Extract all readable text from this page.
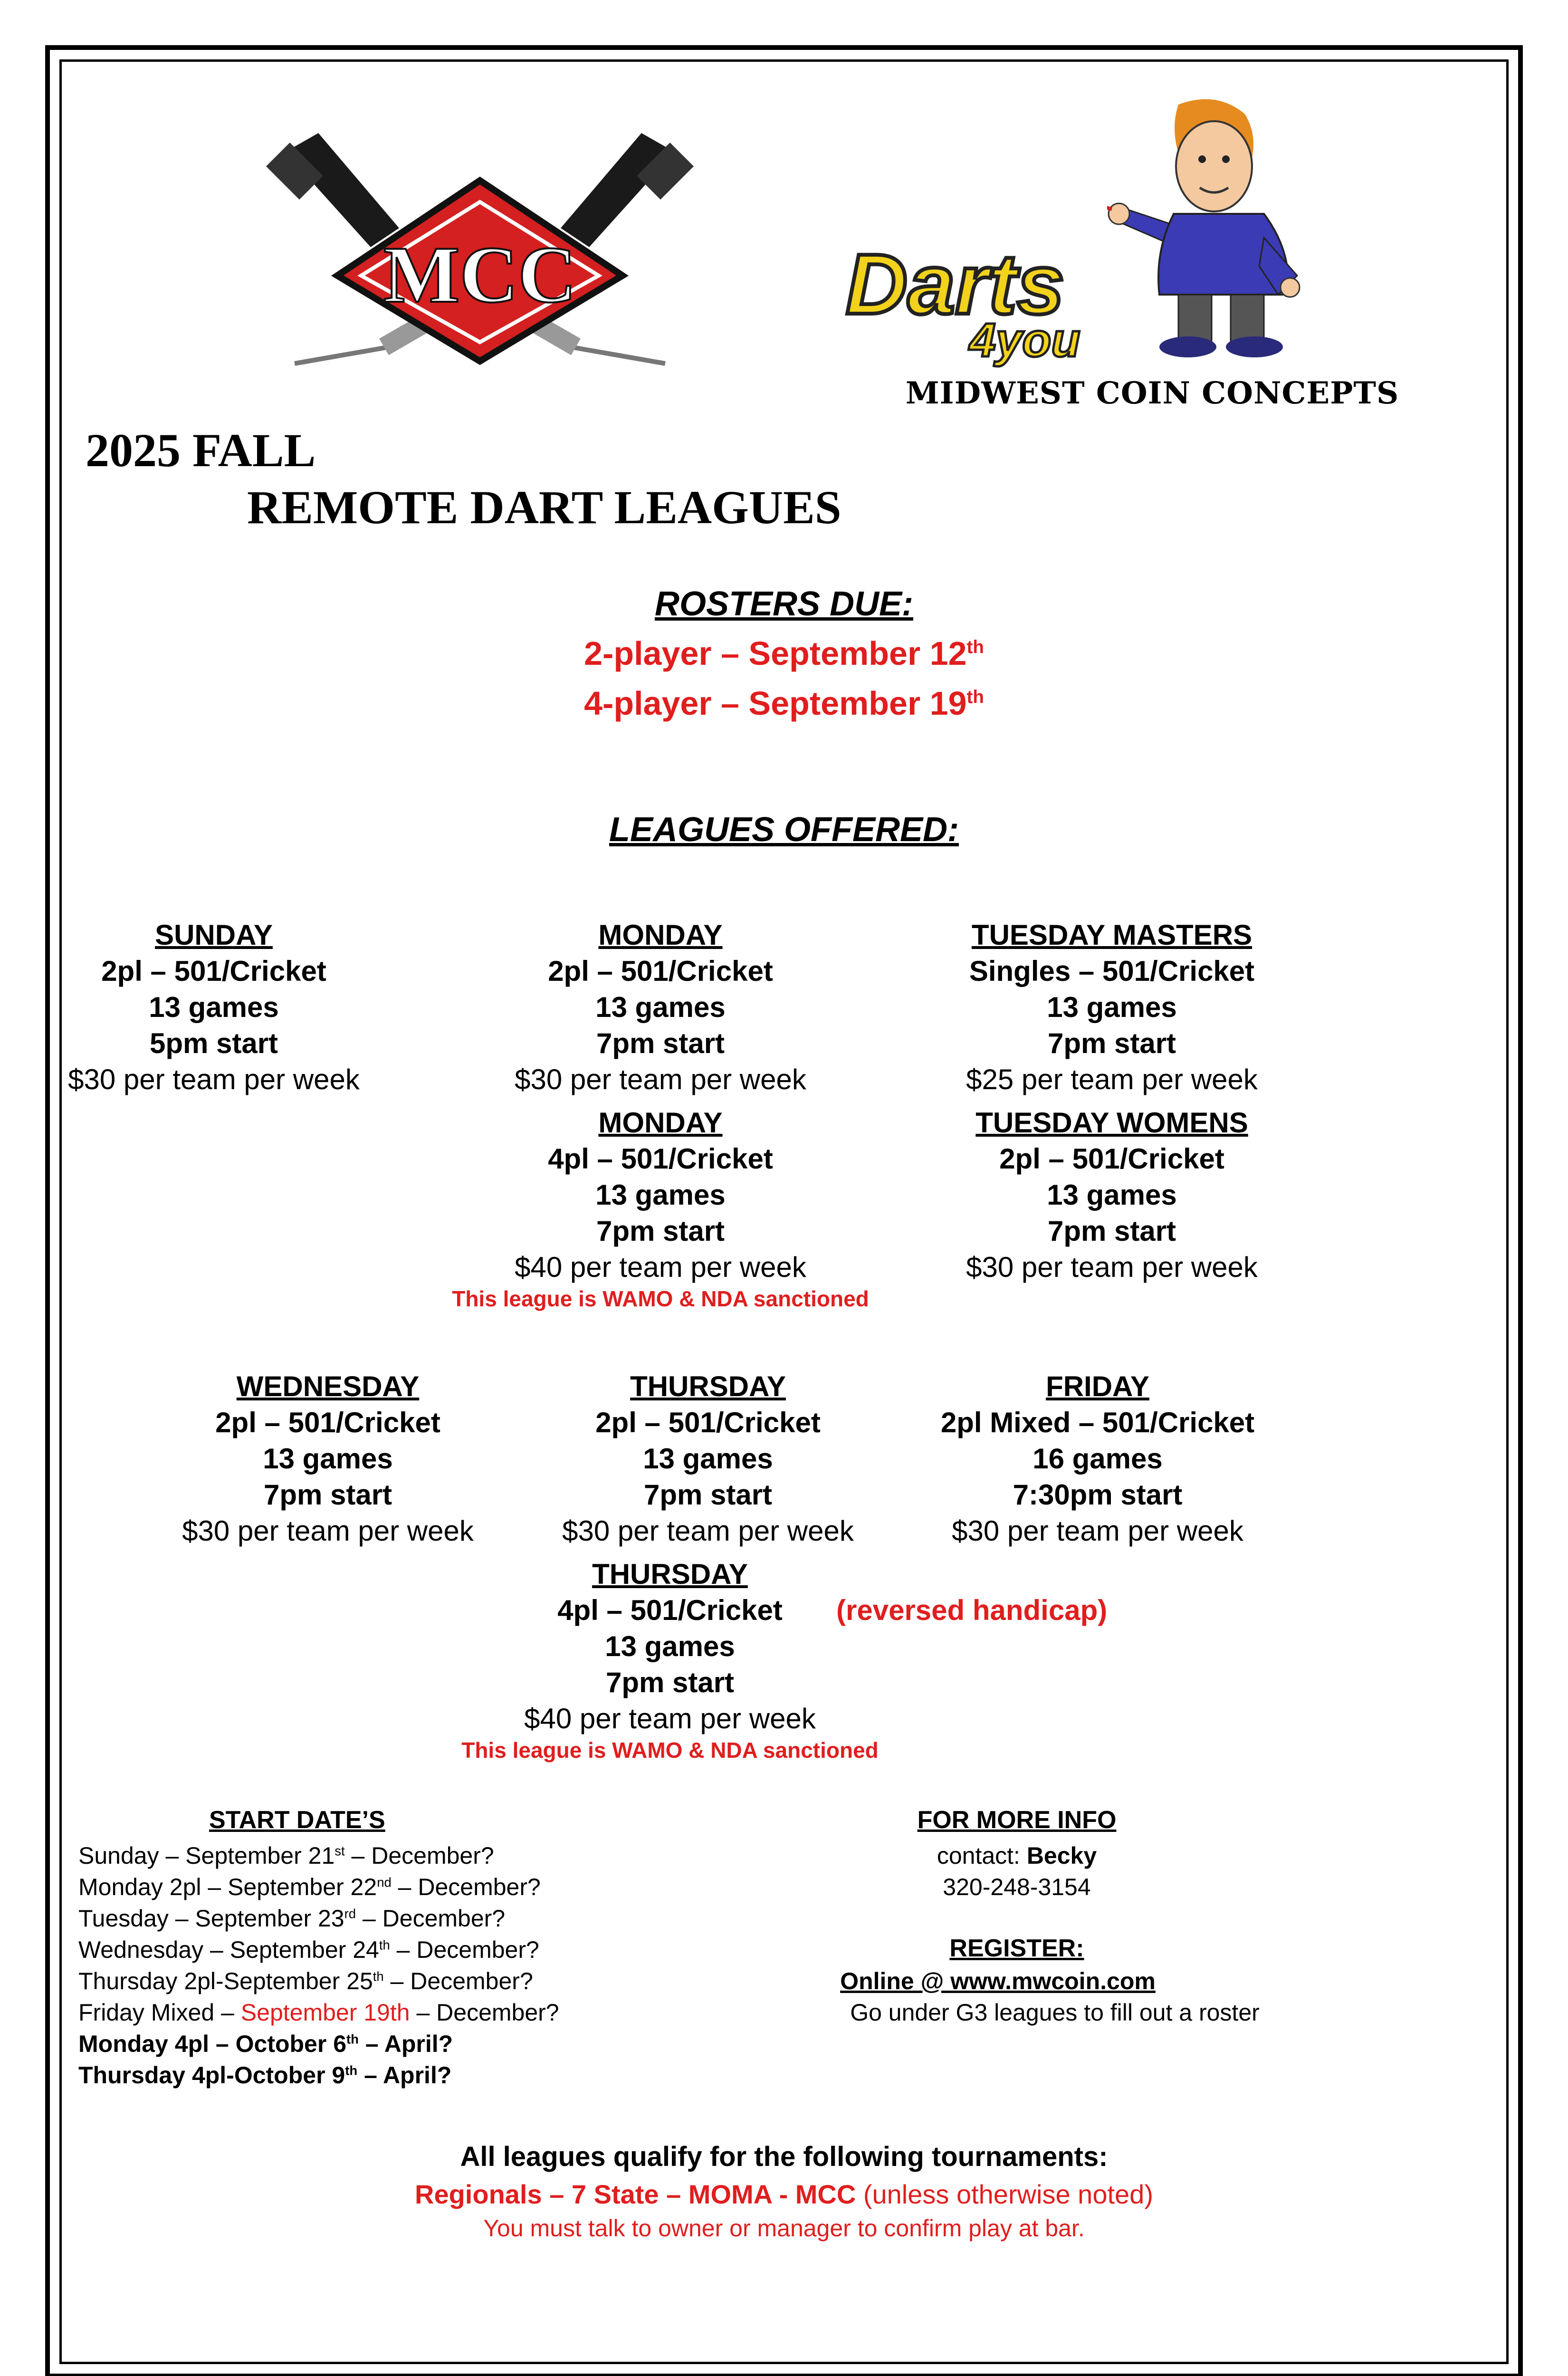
MCC	Darts
4you
MIDWEST COIN CONCEPTS
2025 FALL
REMOTE DART LEAGUES
ROSTERS DUE:
2-player – September 12th
4-player – September 19th
LEAGUES OFFERED:
SUNDAY
2pl – 501/Cricket
13 games
5pm start
$30 per team per week
MONDAY
2pl – 501/Cricket
13 games
7pm start
$30 per team per week
TUESDAY MASTERS
Singles – 501/Cricket
13 games
7pm start
$25 per team per week
MONDAY
4pl – 501/Cricket
13 games
7pm start
$40 per team per week
This league is WAMO & NDA sanctioned
TUESDAY WOMENS
2pl – 501/Cricket
13 games
7pm start
$30 per team per week
WEDNESDAY
2pl – 501/Cricket
13 games
7pm start
$30 per team per week
THURSDAY
2pl – 501/Cricket
13 games
7pm start
$30 per team per week
FRIDAY
2pl Mixed – 501/Cricket
16 games
7:30pm start
$30 per team per week
THURSDAY
4pl – 501/Cricket (reversed handicap)
13 games
7pm start
$40 per team per week
This league is WAMO & NDA sanctioned
START DATE’S
Sunday – September 21st – December?
Monday 2pl – September 22nd – December?
Tuesday – September 23rd – December?
Wednesday – September 24th – December?
Thursday 2pl-September 25th – December?
Friday Mixed – September 19th – December?
Monday 4pl – October 6th – April?
Thursday 4pl-October 9th – April?
FOR MORE INFO
contact: Becky
320-248-3154
REGISTER:
Online @ www.mwcoin.com
Go under G3 leagues to fill out a roster
All leagues qualify for the following tournaments:
Regionals – 7 State – MOMA - MCC (unless otherwise noted)
You must talk to owner or manager to confirm play at bar.
